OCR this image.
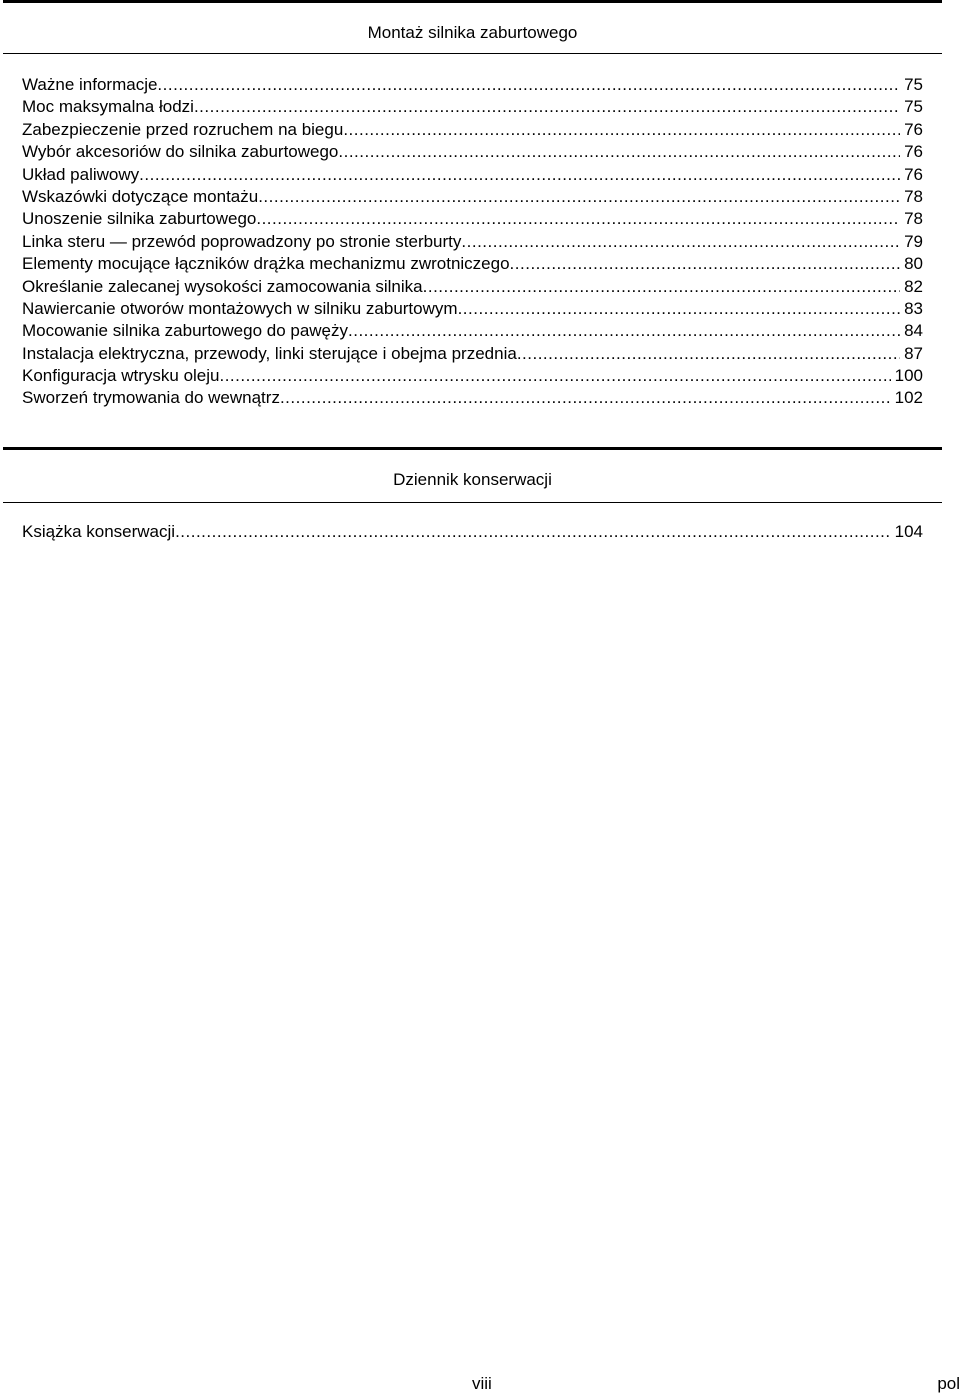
Montaż silnika zaburtowego
Ważne informacje .....	75
Moc maksymalna łodzi .....	75
Zabezpieczenie przed rozruchem na biegu .....	76
Wybór akcesoriów do silnika zaburtowego .....	76
Układ paliwowy .....	76
Wskazówki dotyczące montażu .....	78
Unoszenie silnika zaburtowego .....	78
Linka steru — przewód poprowadzony po stronie sterburty .....	79
Elementy mocujące łączników drążka mechanizmu zwrotniczego .....	80
Określanie zalecanej wysokości zamocowania silnika .....	82
Nawiercanie otworów montażowych w silniku zaburtowym .....	83
Mocowanie silnika zaburtowego do pawęży .....	84
Instalacja elektryczna, przewody, linki sterujące i obejma przednia .....	87
Konfiguracja wtrysku oleju .....	100
Sworzeń trymowania do wewnątrz .....	102
Dziennik konserwacji
Książka konserwacji .....	104
viii	pol
